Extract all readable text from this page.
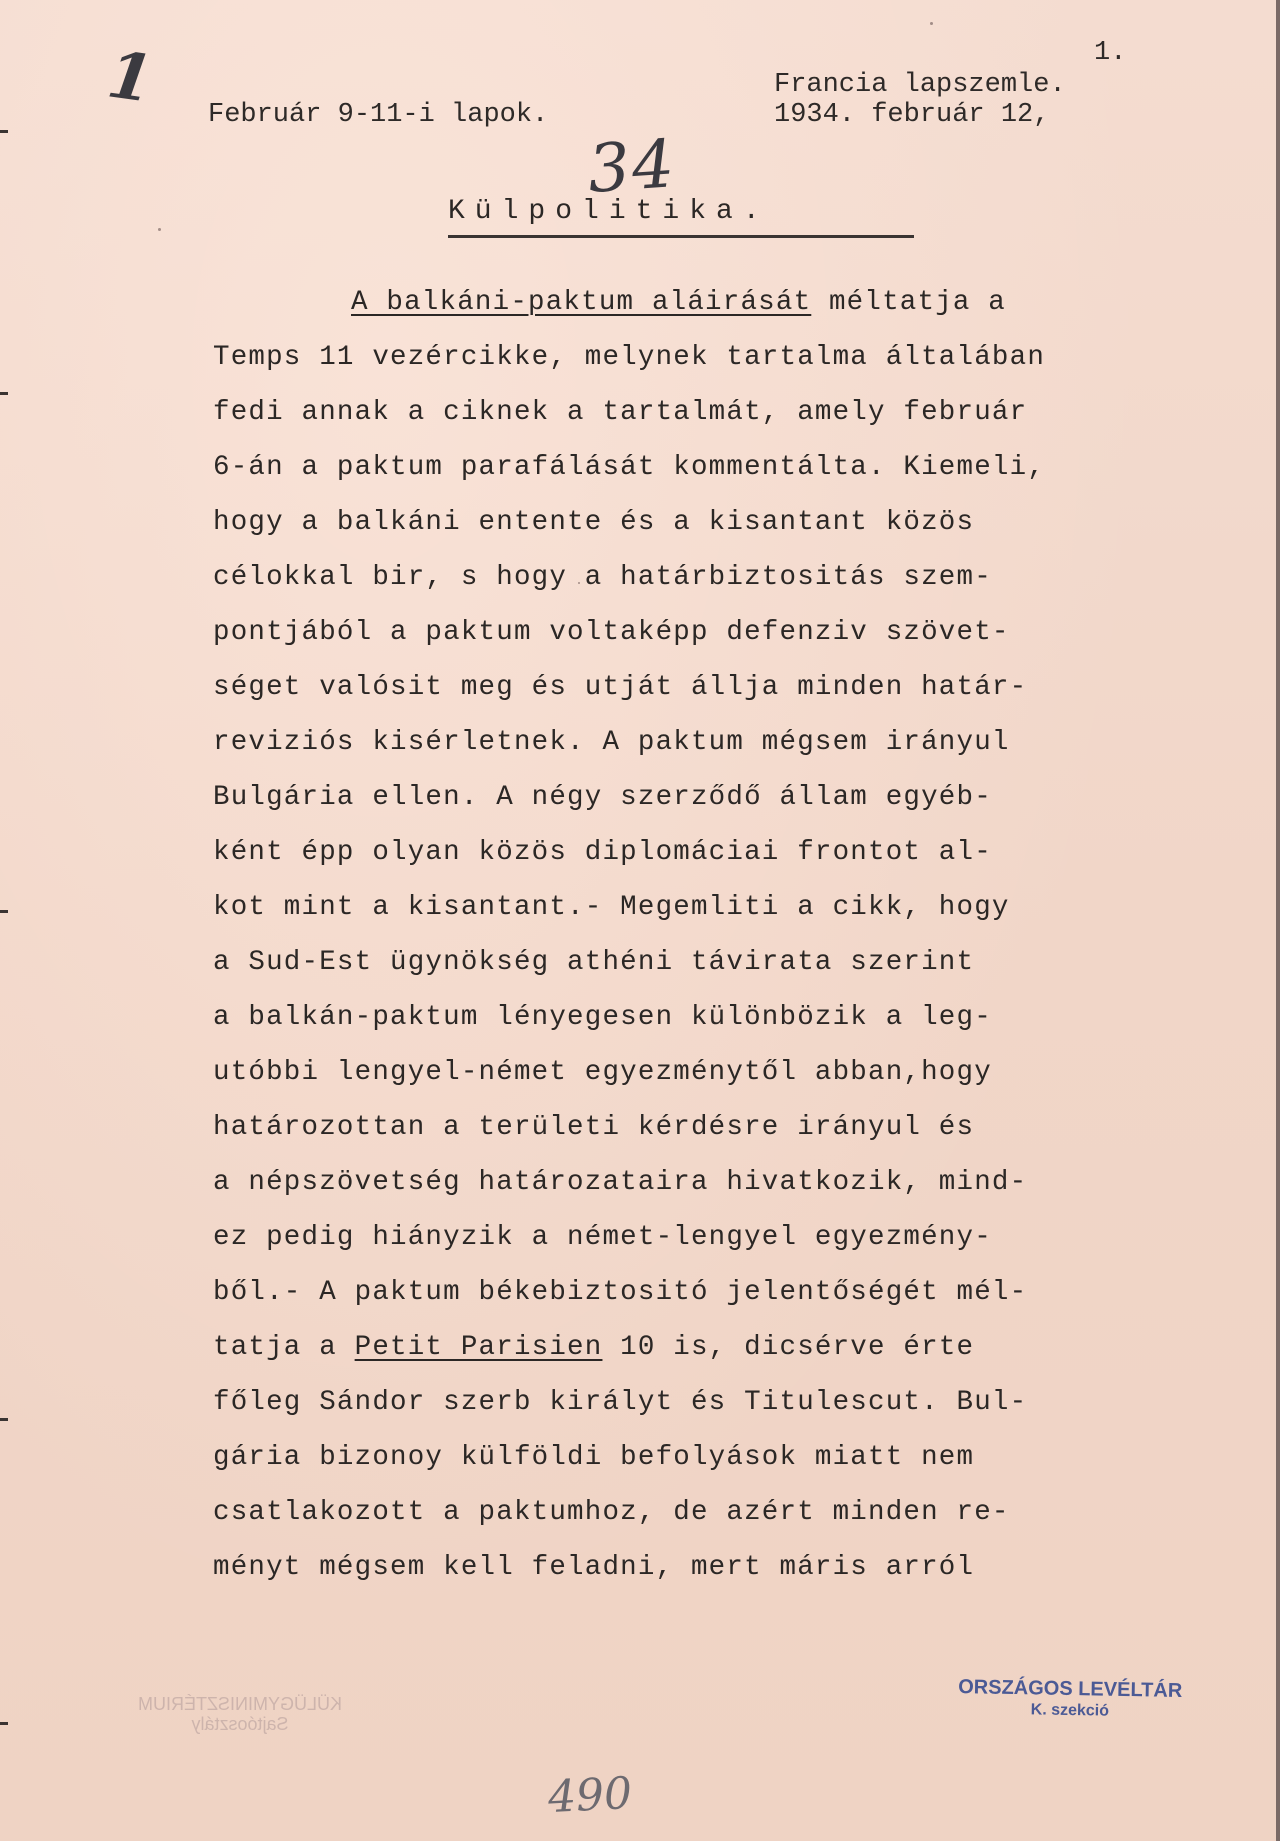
1
34
Február 9-11-i lapok.
1.
Francia lapszemle.
1934. február 12,
Külpolitika.
A balkáni-paktum aláirását méltatja a
Temps 11 vezércikke, melynek tartalma általában
fedi annak a ciknek a tartalmát, amely február
6-án a paktum parafálását kommentálta. Kiemeli,
hogy a balkáni entente és a kisantant közös
célokkal bir, s hogy a határbiztositás szem-
pontjából a paktum voltaképp defenziv szövet-
séget valósit meg és utját állja minden határ-
reviziós kisérletnek. A paktum mégsem irányul
Bulgária ellen. A négy szerződő állam egyéb-
ként épp olyan közös diplomáciai frontot al-
kot mint a kisantant.- Megemliti a cikk, hogy
a Sud-Est ügynökség athéni távirata szerint
a balkán-paktum lényegesen különbözik a leg-
utóbbi lengyel-német egyezménytől abban,hogy
határozottan a területi kérdésre irányul és
a népszövetség határozataira hivatkozik, mind-
ez pedig hiányzik a német-lengyel egyezmény-
ből.- A paktum békebiztositó jelentőségét mél-
tatja a Petit Parisien 10 is, dicsérve érte
főleg Sándor szerb királyt és Titulescut. Bul-
gária bizonoy külföldi befolyások miatt nem
csatlakozott a paktumhoz, de azért minden re-
ményt mégsem kell feladni, mert máris arról
KÜLÜGYMINISZTÉRIUM
Sajtóosztály
ORSZÁGOS LEVÉLTÁR
K. szekció
490
